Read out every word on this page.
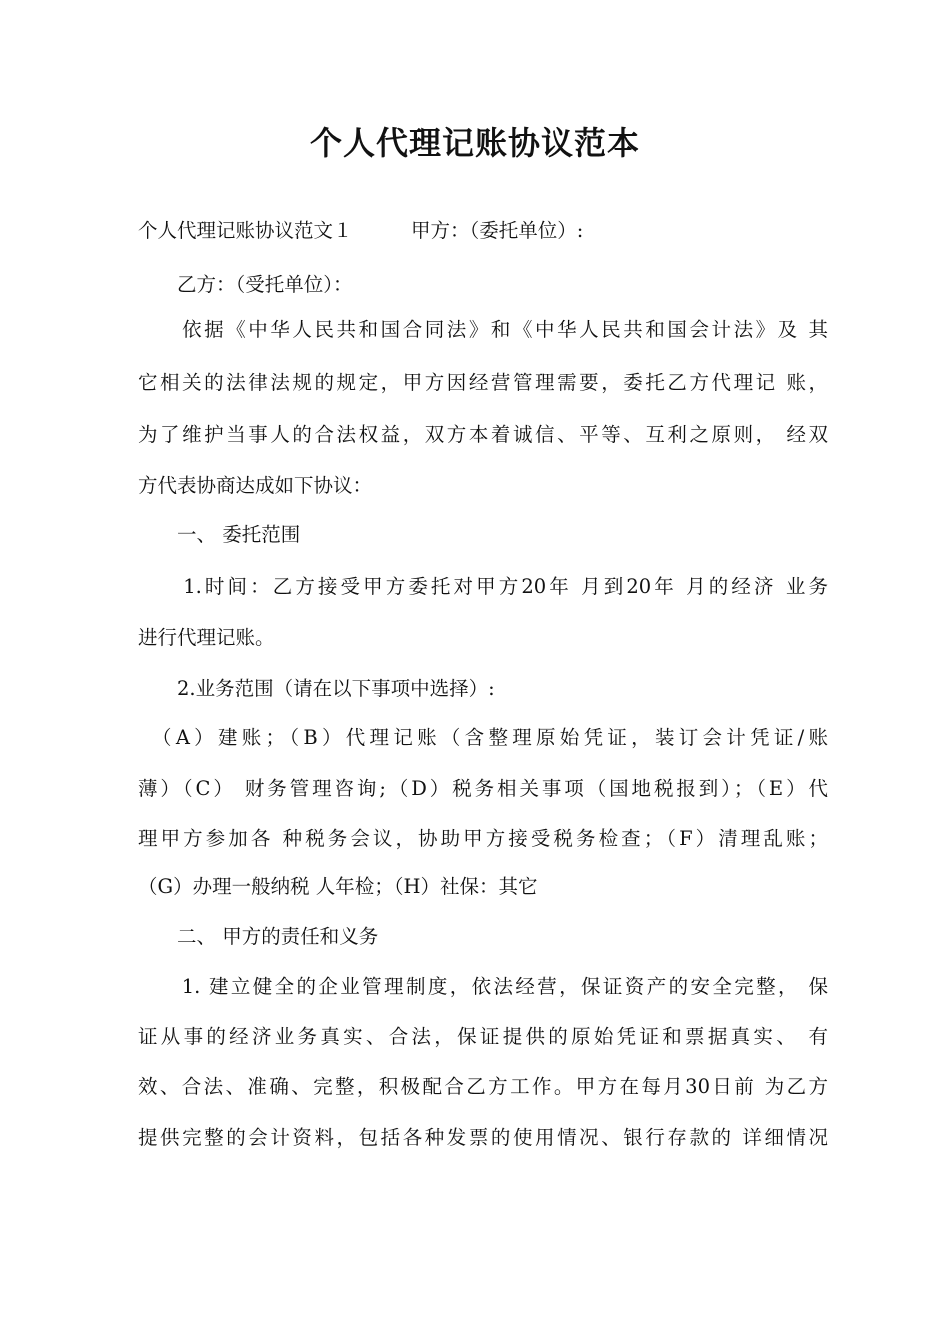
个人代理记账协议范本
个人代理记账协议范文１　　　甲方：（委托单位）:
　　乙方：（受托单位）：
　　依据《中华人民共和国合同法》和《中华人民共和国会计法》及 其
它相关的法律法规的规定，甲方因经营管理需要，委托乙方代理记 账，
为了维护当事人的合法权益，双方本着诚信、平等、互利之原则， 经双
方代表协商达成如下协议：
　　一、 委托范围
　　1.时间：乙方接受甲方委托对甲方20年 月到20年 月的经济 业务
进行代理记账。
　　2.业务范围（请在以下事项中选择）:
　（A）建账；（B）代理记账（含整理原始凭证，装订会计凭证/账
薄）（C） 财务管理咨询;（D）税务相关事项（国地税报到）；（E）代
理甲方参加各 种税务会议，协助甲方接受税务检查；（F）清理乱账；
（G）办理一般纳税 人年检；（H）社保：其它
　　二、 甲方的责任和义务
　　1. 建立健全的企业管理制度，依法经营，保证资产的安全完整， 保
证从事的经济业务真实、合法，保证提供的原始凭证和票据真实、 有
效、合法、准确、完整，积极配合乙方工作。甲方在每月30日前 为乙方
提供完整的会计资料，包括各种发票的使用情况、银行存款的 详细情况
